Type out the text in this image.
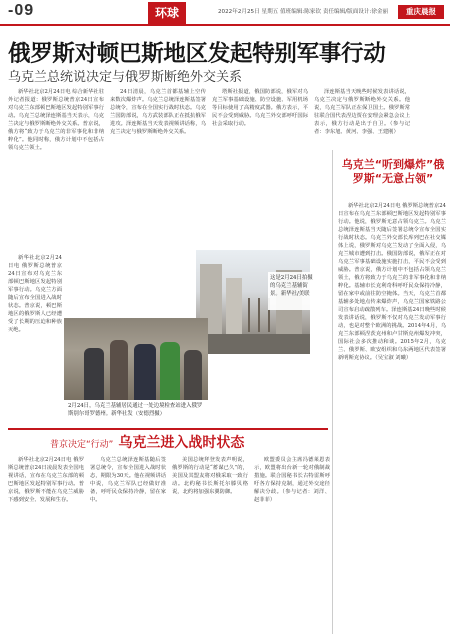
-09	环球	2022年2月25日 星期五 值班编辑:陈家钦 责任编辑/版面设计:徐金丽	重庆晨报
俄罗斯对顿巴斯地区发起特别军事行动
乌克兰总统说决定与俄罗斯断绝外交关系

新华社北京2月24日电 综合新华社驻外记者报道：俄罗斯总统普京24日宣布对乌克兰东部顿巴斯地区发起特别军事行动。乌克兰总统泽连斯基当天表示，乌克兰决定与俄罗斯断绝外交关系。普京说，俄方将“致力于乌克兰的非军事化和非纳粹化”。他同时称，俄方计划中不包括占领乌克兰领土。

24日清晨，乌克兰首都基辅上空传来数次爆炸声。乌克兰总统泽连斯基签署总统令，宣布在全国实行战时状态。乌克兰国防部说，乌方武装部队正在抵抗俄军进攻。泽连斯基当天发表视频讲话称，乌克兰决定与俄罗斯断绝外交关系。

塔斯社报道，俄国防部说，俄军对乌克兰军事基础设施、防空设施、军用机场等目标使用了高精度武器。俄方表示，平民不会受到威胁。乌克兰外交部呼吁国际社会采取行动。

泽连斯基当天晚些时候发表讲话说，乌克兰决定与俄罗斯断绝外交关系。他说，乌克兰军队正在保卫国土。俄罗斯常驻联合国代表涅边贾在安理会紧急会议上表示，俄方行动是出于自卫。（参与记者：李东旭、黄河、李强、王建刚）

新华社北京2月24日电 俄罗斯总统普京24日宣布对乌克兰东部顿巴斯地区发起特别军事行动。乌克兰方面随后宣布全国进入战时状态。普京说，顿巴斯地区的俄罗斯人已经遭受了长期的压迫和种族灭绝。

这是2月24日拍摄的乌克兰基辅街景。新华社/美联
2月24日，乌克兰基辅居民通过一处边境检查站进入俄罗斯别尔哥罗德州。新华社发（安德烈摄）
普京决定“行动” 乌克兰进入战时状态

新华社北京2月24日电 俄罗斯总统普京24日凌晨发表全国电视讲话，宣布在乌克兰东部的顿巴斯地区发起特别军事行动。普京说，俄罗斯不能在乌克兰威胁下感到安全、发展和生存。

乌克兰总统泽连斯基随后签署总统令，宣布全国进入战时状态，期限为30天。他在视频讲话中说，乌克兰军队已经做好准备，呼吁民众保持冷静，留在家中。

美国总统拜登发表声明说，俄罗斯的行动是“蓄谋已久”的，美国及其盟友将对俄采取一致行动。北约秘书长斯托尔滕贝格说，北约将加强东翼防御。

欧盟委员会主席冯德莱恩表示，欧盟将出台新一轮对俄制裁措施。联合国秘书长古特雷斯呼吁各方保持克制，通过外交途径解决分歧。（参与记者：刘洋、赵菲菲）

乌克兰“听到爆炸”俄罗斯“无意占领”

新华社北京2月24日电 俄罗斯总统普京24日宣布在乌克兰东部顿巴斯地区发起特别军事行动。他说，俄罗斯无意占领乌克兰。乌克兰总统泽连斯基当天随后签署总统令宣布全国实行战时状态。乌克兰外交部长库列巴在社交媒体上说，俄罗斯对乌克兰发动了全面入侵，乌克兰城市遭到打击。俄国防部说，俄军正在对乌克兰军事基础设施实施打击，平民不会受到威胁。普京说，俄方计划中不包括占领乌克兰领土，俄方将致力于乌克兰的非军事化和非纳粹化。基辅市长克利奇科呼吁民众保持冷静，留在家中或前往防空掩体。当天，乌克兰首都基辅多处地点传来爆炸声，乌克兰国家铁路公司宣布启动疏散列车。泽连斯基24日晚些时候发表讲话说，俄罗斯不仅对乌克兰发动军事行动，也是对整个欧洲的挑战。2014年4月，乌克兰东部顿涅茨克州和卢甘斯克州爆发冲突，国际社会多次推动和谈。2015年2月，乌克兰、俄罗斯、欧安组织和乌东两地区代表签署新明斯克协议。（吴宝淑 刘曦）
